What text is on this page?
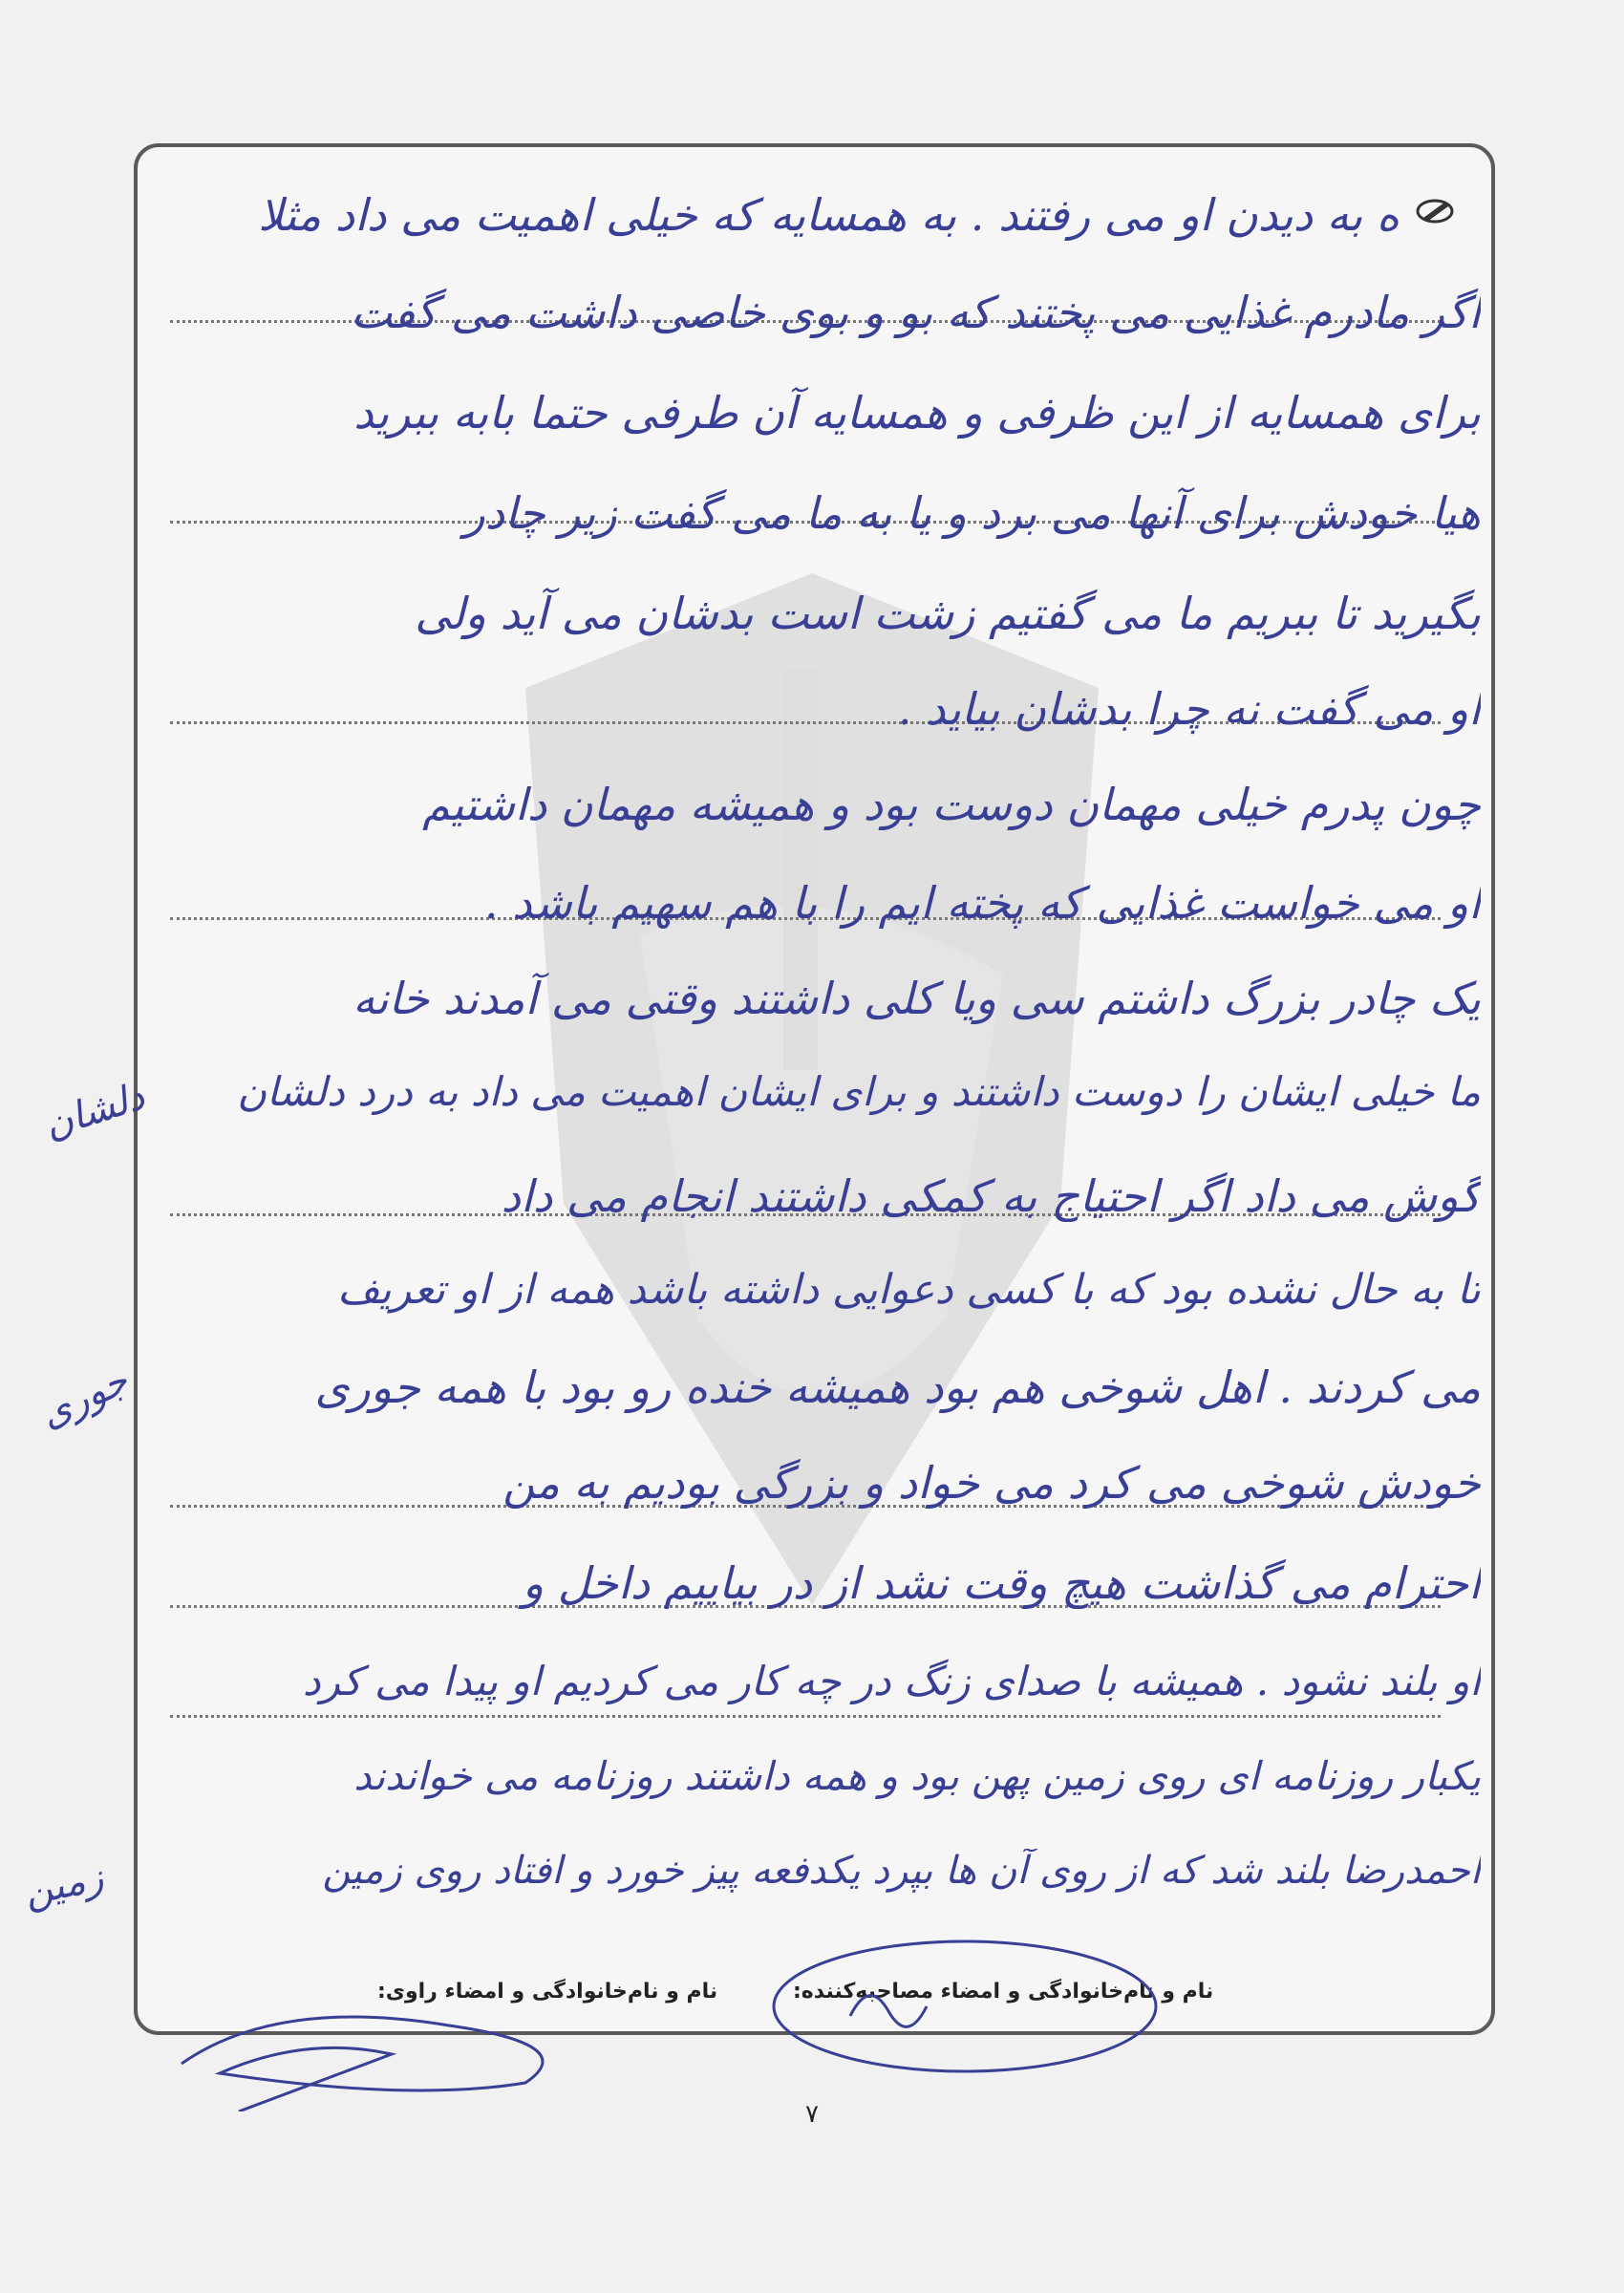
ه به دیدن او می رفتند . به همسایه که خیلی اهمیت می داد مثلا
اگر مادرم غذایی می پختند که بو و بوی خاصی داشت می گفت
برای همسایه از این ظرفی و همسایه آن طرفی حتما بابه ببرید
هیا خودش برای آنها می برد و یا به ما می گفت زیر چادر
بگیرید تا ببریم ما می گفتیم زشت است بدشان می آید ولی
او می گفت نه چرا بدشان بیاید .
چون پدرم خیلی مهمان دوست بود و همیشه مهمان داشتیم
او می خواست غذایی که پخته ایم را با هم سهیم باشد .
یک چادر بزرگ داشتم سی ویا کلی داشتند وقتی می آمدند خانه
ما خیلی ایشان را دوست داشتند و برای ایشان اهمیت می داد به درد دلشان
گوش می داد اگر احتیاج به کمکی داشتند انجام می داد
تا به حال نشده بود که با کسی دعوایی داشته باشد همه از او تعریف
می کردند . اهل شوخی هم بود همیشه خنده رو بود با همه جوری
خودش شوخی می کرد می خواد و بزرگی بودیم به من
احترام می گذاشت هیچ وقت نشد از در بیاییم داخل و
او بلند نشود . همیشه با صدای زنگ در چه کار می کردیم او پیدا می کرد
یکبار روزنامه ای روی زمین پهن بود و همه داشتند روزنامه می خواندند
احمدرضا بلند شد که از روی آن ها بپرد یکدفعه پیز خورد و افتاد روی زمین
دلشان
جوری
زمین
نام و نام‌خانوادگی و امضاء مصاحبه‌کننده:
نام و نام‌خانوادگی و امضاء راوی:
۷
